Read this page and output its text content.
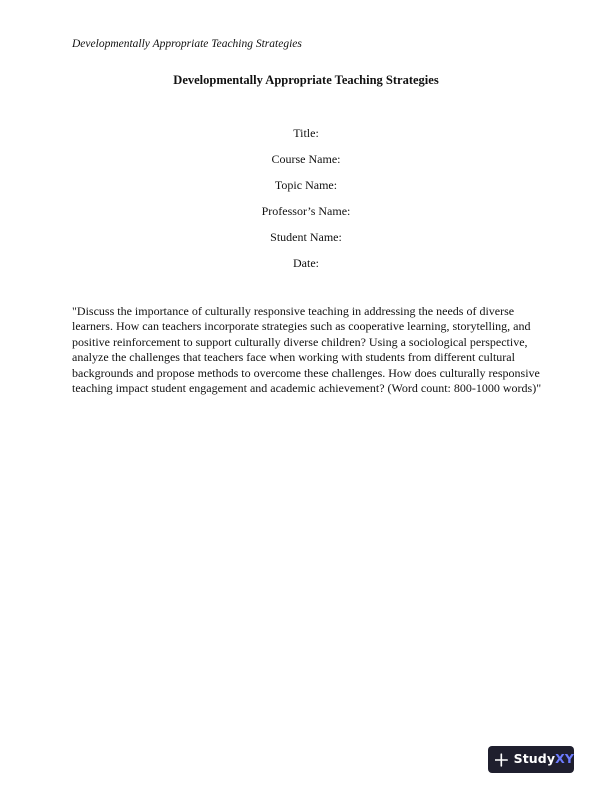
Developmentally Appropriate Teaching Strategies
Developmentally Appropriate Teaching Strategies
Title:
Course Name:
Topic Name:
Professor’s Name:
Student Name:
Date:

"Discuss the importance of culturally responsive teaching in addressing the needs of diverse learners. How can teachers incorporate strategies such as cooperative learning, storytelling, and positive reinforcement to support culturally diverse children? Using a sociological perspective, analyze the challenges that teachers face when working with students from different cultural backgrounds and propose methods to overcome these challenges. How does culturally responsive teaching impact student engagement and academic achievement? (Word count: 800-1000 words)"

StudyXY
